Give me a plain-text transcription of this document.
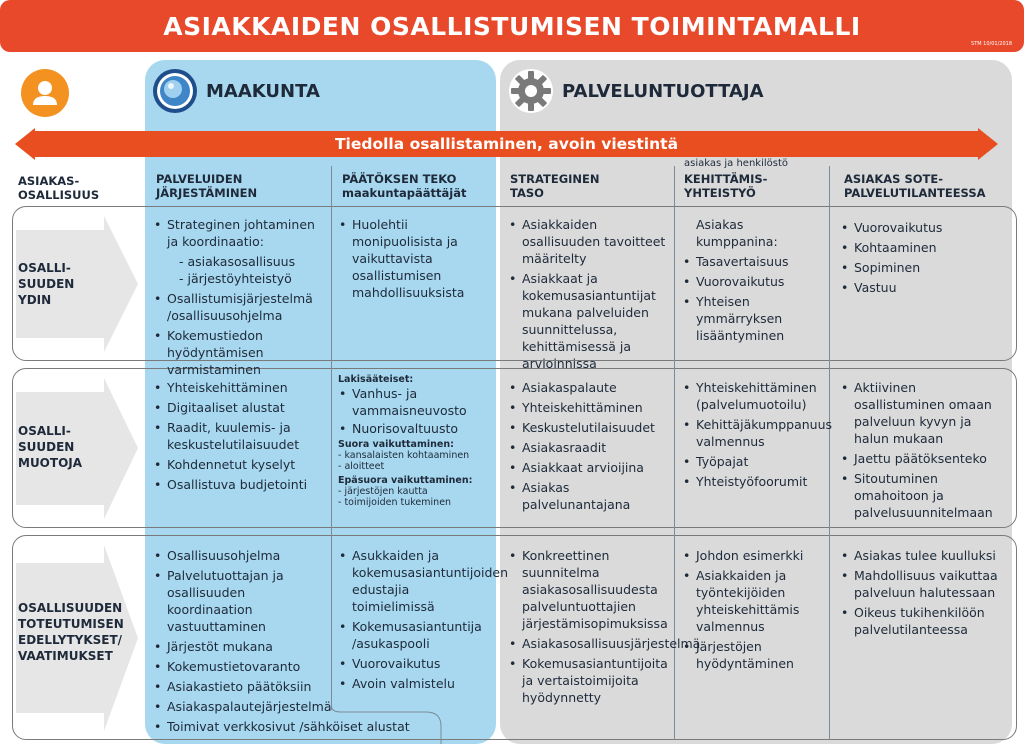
ASIAKKAIDEN OSALLISTUMISEN TOIMINTAMALLI
STM 10/01/2018
MAAKUNTA	PALVELUNTUOTTAJA
Tiedolla osallistaminen, avoin viestintä
ASIAKAS-
OSALLISUUS
PALVELUIDEN
JÄRJESTÄMINEN
PÄÄTÖKSEN TEKO
maakuntapäättäjät
STRATEGINEN
TASO
asiakas ja henkilöstö
KEHITTÄMIS-
YHTEISTYÖ
ASIAKAS SOTE-
PALVELUTILANTEESSA
OSALLI-
SUUDEN
YDIN
OSALLI-
SUUDEN
MUOTOJA
OSALLISUUDEN
TOTEUTUMISEN
EDELLYTYKSET/
VAATIMUKSET
• Strateginen johtaminen ja koordinaatio:
- asiakasosallisuus
- järjestöyhteistyö
• Osallistumisjärjestelmä /osallisuusohjelma
• Kokemustiedon hyödyntämisen varmistaminen
• Huolehtii monipuolisista ja vaikuttavista osallistumisen mahdollisuuksista
• Asiakkaiden osallisuuden tavoitteet määritelty
• Asiakkaat ja kokemusasiantuntijat mukana palveluiden suunnittelussa, kehittämisessä ja arvioinnissa
Asiakas kumppanina:
• Tasavertaisuus
• Vuorovaikutus
• Yhteisen ymmärryksen lisääntyminen
• Vuorovaikutus
• Kohtaaminen
• Sopiminen
• Vastuu
• Yhteiskehittäminen
• Digitaaliset alustat
• Raadit, kuulemis- ja keskustelutilaisuudet
• Kohdennetut kyselyt
• Osallistuva budjetointi
Lakisääteiset:
• Vanhus- ja vammaisneuvosto
• Nuorisovaltuusto
Suora vaikuttaminen:
- kansalaisten kohtaaminen
- aloitteet
Epäsuora vaikuttaminen:
- järjestöjen kautta
- toimijoiden tukeminen
• Asiakaspalaute
• Yhteiskehittäminen
• Keskustelutilaisuudet
• Asiakasraadit
• Asiakkaat arvioijina
• Asiakas palvelunantajana
• Yhteiskehittäminen (palvelumuotoilu)
• Kehittäjäkumppanuus valmennus
• Työpajat
• Yhteistyöfoorumit
• Aktiivinen osallistuminen omaan palveluun kyvyn ja halun mukaan
• Jaettu päätöksenteko
• Sitoutuminen omahoitoon ja palvelusuunnitelmaan
• Osallisuusohjelma
• Palvelutuottajan ja osallisuuden koordinaation vastuuttaminen
• Järjestöt mukana
• Kokemustietovaranto
• Asiakastieto päätöksiin
• Asiakaspalautejärjestelmä
• Toimivat verkkosivut /sähköiset alustat
• Asukkaiden ja kokemusasiantuntijoiden edustajia toimielimissä
• Kokemusasiantuntija /asukaspooli
• Vuorovaikutus
• Avoin valmistelu
• Konkreettinen suunnitelma asiakasosallisuudesta palveluntuottajien järjestämisopimuksissa
• Asiakasosallisuusjärjestelmä
• Kokemusasiantuntijoita ja vertaistoimijoita hyödynnetty
• Johdon esimerkki
• Asiakkaiden ja työntekijöiden yhteiskehittämis valmennus
• Järjestöjen hyödyntäminen
• Asiakas tulee kuulluksi
• Mahdollisuus vaikuttaa palveluun halutessaan
• Oikeus tukihenkilöön palvelutilanteessa
